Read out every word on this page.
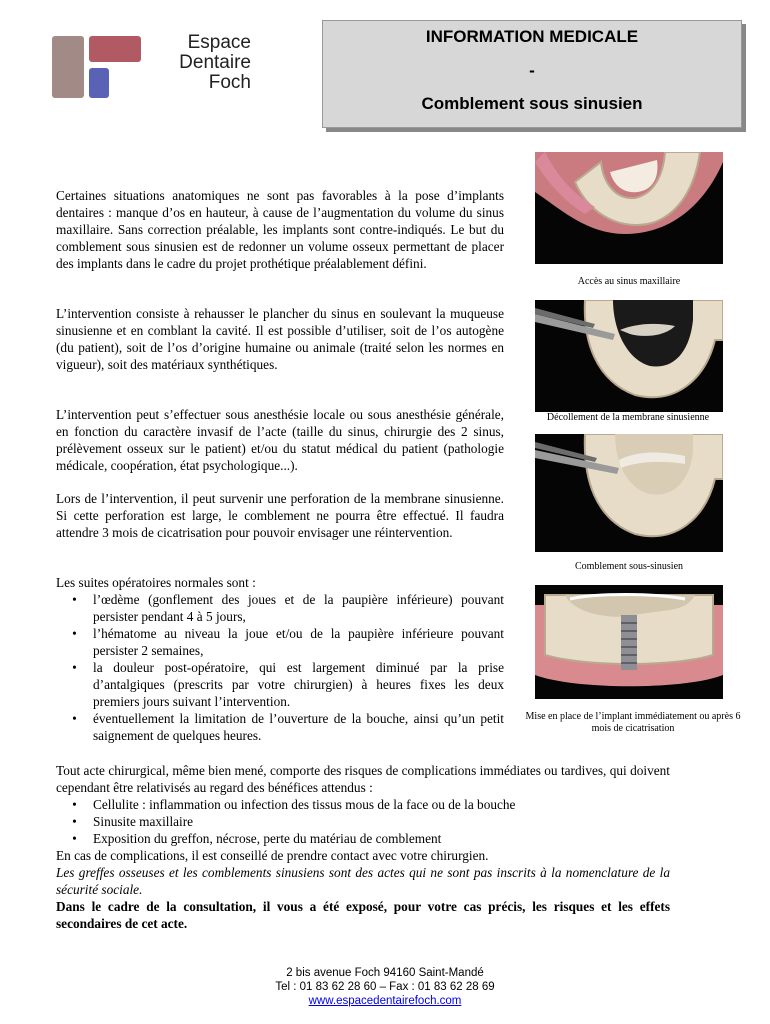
Espace
Dentaire
Foch
INFORMATION MEDICALE
-
Comblement sous sinusien
Certaines situations anatomiques ne sont pas favorables à la pose d’implants dentaires : manque d’os en hauteur, à cause de l’augmentation du volume du sinus maxillaire. Sans correction préalable, les implants sont contre-indiqués. Le but du comblement sous sinusien est de redonner un volume osseux permettant de placer des implants dans le cadre du projet prothétique préalablement défini.
L’intervention consiste à rehausser le plancher du sinus en soulevant la muqueuse sinusienne et en comblant la cavité. Il est possible d’utiliser, soit de l’os autogène (du patient), soit de l’os d’origine humaine ou animale (traité selon les normes en vigueur), soit des matériaux synthétiques.
L’intervention peut s’effectuer sous anesthésie locale ou sous anesthésie générale, en fonction du caractère invasif de l’acte (taille du sinus, chirurgie des 2 sinus, prélèvement osseux sur le patient) et/ou du statut médical du patient (pathologie médicale, coopération, état psychologique...).
Lors de l’intervention, il peut survenir une perforation de la membrane sinusienne. Si cette perforation est large, le comblement ne pourra être effectué. Il faudra attendre 3 mois de cicatrisation pour pouvoir envisager une réintervention.
Les suites opératoires normales sont :
• l’œdème (gonflement des joues et de la paupière inférieure) pouvant persister pendant 4 à 5 jours,
• l’hématome au niveau la joue et/ou de la paupière inférieure pouvant persister 2 semaines,
• la douleur post-opératoire, qui est largement diminué par la prise d’antalgiques (prescrits par votre chirurgien) à heures fixes les deux premiers jours suivant l’intervention.
• éventuellement la limitation de l’ouverture de la bouche, ainsi qu’un petit saignement de quelques heures.
Accès au sinus maxillaire
Décollement de la membrane sinusienne
Comblement sous-sinusien
Mise en place de l’implant immédiatement ou après 6 mois de cicatrisation
Tout acte chirurgical, même bien mené, comporte des risques de complications immédiates ou tardives, qui doivent cependant être relativisés au regard des bénéfices attendus :
• Cellulite : inflammation ou infection des tissus mous de la face ou de la bouche
• Sinusite maxillaire
• Exposition du greffon, nécrose, perte du matériau de comblement
En cas de complications, il est conseillé de prendre contact avec votre chirurgien.
Les greffes osseuses et les comblements sinusiens sont des actes qui ne sont pas inscrits à la nomenclature de la sécurité sociale.
Dans le cadre de la consultation, il vous a été exposé, pour votre cas précis, les risques et les effets secondaires de cet acte.
2 bis avenue Foch 94160 Saint-Mandé
Tel : 01 83 62 28 60 – Fax : 01 83 62 28 69
www.espacedentairefoch.com
